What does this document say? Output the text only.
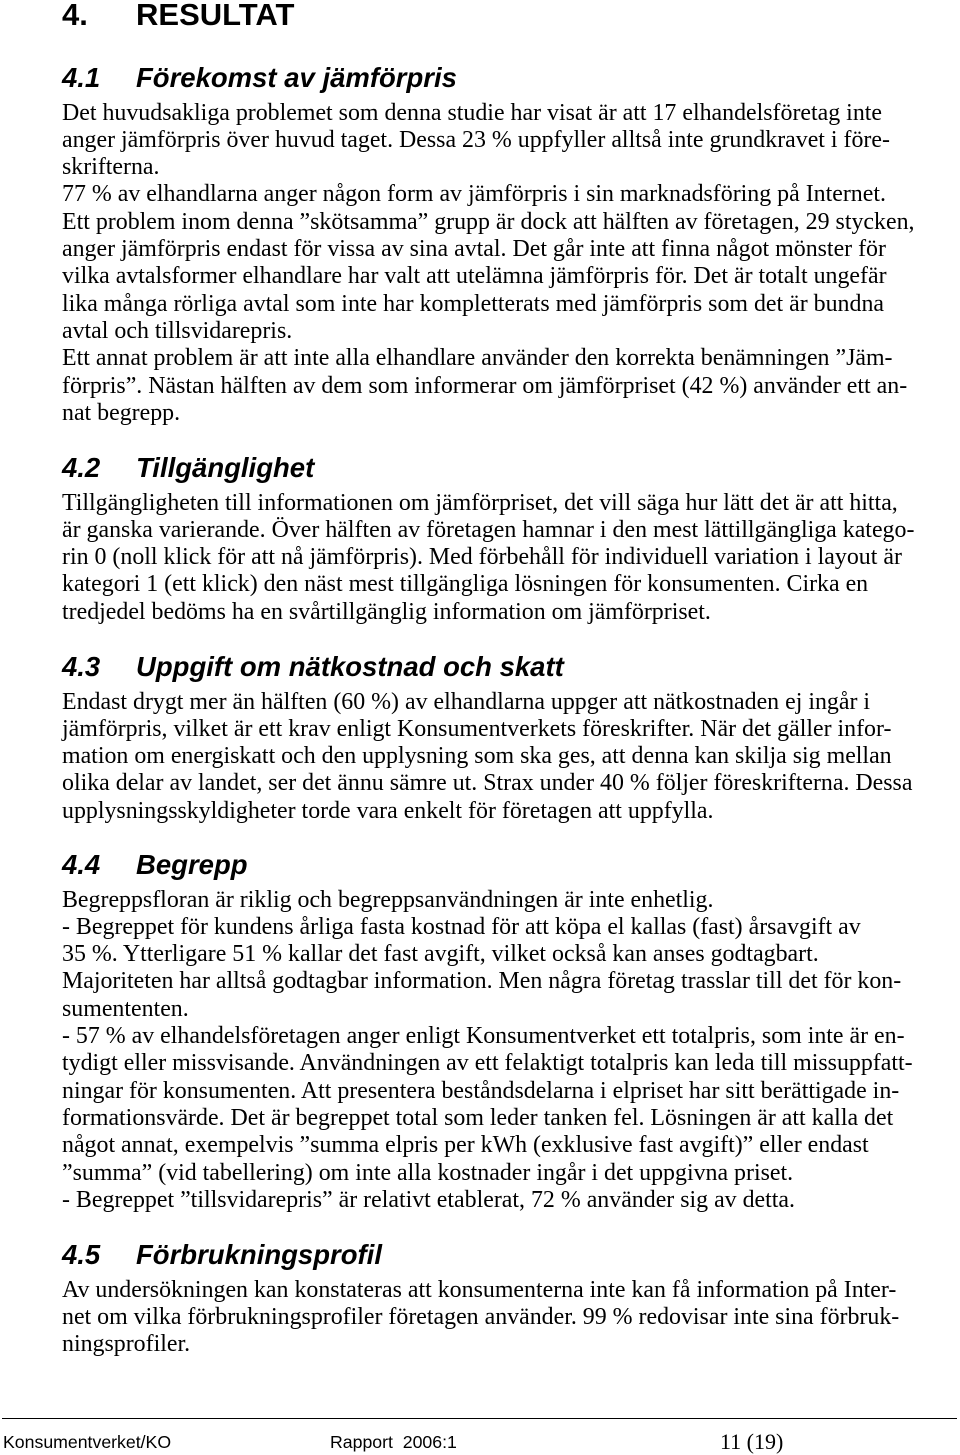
4. RESULTAT
4.1 Förekomst av jämförpris
Det huvudsakliga problemet som denna studie har visat är att 17 elhandelsföretag inte
anger jämförpris över huvud taget. Dessa 23 % uppfyller alltså inte grundkravet i före-
skrifterna.
77 % av elhandlarna anger någon form av jämförpris i sin marknadsföring på Internet.
Ett problem inom denna ”skötsamma” grupp är dock att hälften av företagen, 29 stycken,
anger jämförpris endast för vissa av sina avtal. Det går inte att finna något mönster för
vilka avtalsformer elhandlare har valt att utelämna jämförpris för. Det är totalt ungefär
lika många rörliga avtal som inte har kompletterats med jämförpris som det är bundna
avtal och tillsvidarepris.
Ett annat problem är att inte alla elhandlare använder den korrekta benämningen ”Jäm-
förpris”. Nästan hälften av dem som informerar om jämförpriset (42 %) använder ett an-
nat begrepp.
4.2 Tillgänglighet
Tillgängligheten till informationen om jämförpriset, det vill säga hur lätt det är att hitta,
är ganska varierande. Över hälften av företagen hamnar i den mest lättillgängliga katego-
rin 0 (noll klick för att nå jämförpris). Med förbehåll för individuell variation i layout är
kategori 1 (ett klick) den näst mest tillgängliga lösningen för konsumenten. Cirka en
tredjedel bedöms ha en svårtillgänglig information om jämförpriset.
4.3 Uppgift om nätkostnad och skatt
Endast drygt mer än hälften (60 %) av elhandlarna uppger att nätkostnaden ej ingår i
jämförpris, vilket är ett krav enligt Konsumentverkets föreskrifter. När det gäller infor-
mation om energiskatt och den upplysning som ska ges, att denna kan skilja sig mellan
olika delar av landet, ser det ännu sämre ut. Strax under 40 % följer föreskrifterna. Dessa
upplysningsskyldigheter torde vara enkelt för företagen att uppfylla.
4.4 Begrepp
Begreppsfloran är riklig och begreppsanvändningen är inte enhetlig.
- Begreppet för kundens årliga fasta kostnad för att köpa el kallas (fast) årsavgift av
35 %. Ytterligare 51 % kallar det fast avgift, vilket också kan anses godtagbart.
Majoriteten har alltså godtagbar information. Men några företag trasslar till det för kon-
sumententen.
- 57 % av elhandelsföretagen anger enligt Konsumentverket ett totalpris, som inte är en-
tydigt eller missvisande. Användningen av ett felaktigt totalpris kan leda till missuppfatt-
ningar för konsumenten. Att presentera beståndsdelarna i elpriset har sitt berättigade in-
formationsvärde. Det är begreppet total som leder tanken fel. Lösningen är att kalla det
något annat, exempelvis ”summa elpris per kWh (exklusive fast avgift)” eller endast
”summa” (vid tabellering) om inte alla kostnader ingår i det uppgivna priset.
- Begreppet ”tillsvidarepris” är relativt etablerat, 72 % använder sig av detta.
4.5 Förbrukningsprofil
Av undersökningen kan konstateras att konsumenterna inte kan få information på Inter-
net om vilka förbrukningsprofiler företagen använder. 99 % redovisar inte sina förbruk-
ningsprofiler.
Konsumentverket/KO	Rapport  2006:1	11 (19)
